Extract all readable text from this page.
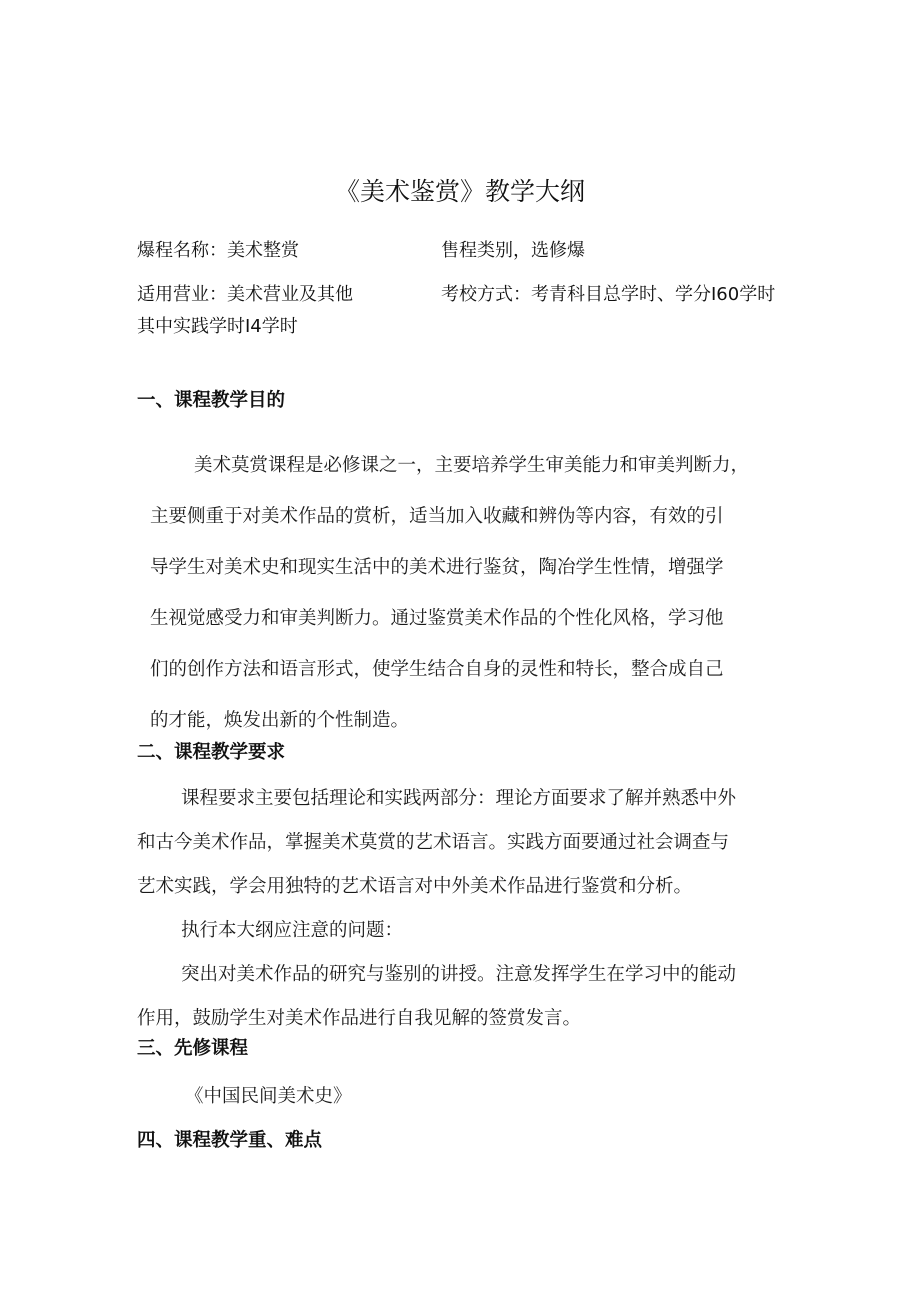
《美术鉴赏》教学大纲
爆程名称：美术整赏	售程类别，选修爆
适用营业：美术营业及其他	考校方式：考青科目总学时、学分I60学时
其中实践学时I4学时
一、课程教学目的
美术莫赏课程是必修课之一，主要培养学生审美能力和审美判断力，
主要侧重于对美术作品的赏析，适当加入收藏和辨伪等内容，有效的引
导学生对美术史和现实生活中的美术进行鉴贫，陶冶学生性情，增强学
生视觉感受力和审美判断力。通过鉴赏美术作品的个性化风格，学习他
们的创作方法和语言形式，使学生结合自身的灵性和特长，整合成自己
的才能，焕发出新的个性制造。
二、课程教学要求
课程要求主要包括理论和实践两部分：理论方面要求了解并熟悉中外
和古今美术作品，掌握美术莫赏的艺术语言。实践方面要通过社会调查与
艺术实践，学会用独特的艺术语言对中外美术作品进行鉴赏和分析。
执行本大纲应注意的问题：
突出对美术作品的研究与鉴别的讲授。注意发挥学生在学习中的能动
作用，鼓励学生对美术作品进行自我见解的签赏发言。
三、先修课程
《中国民间美术史》
四、课程教学重、难点
